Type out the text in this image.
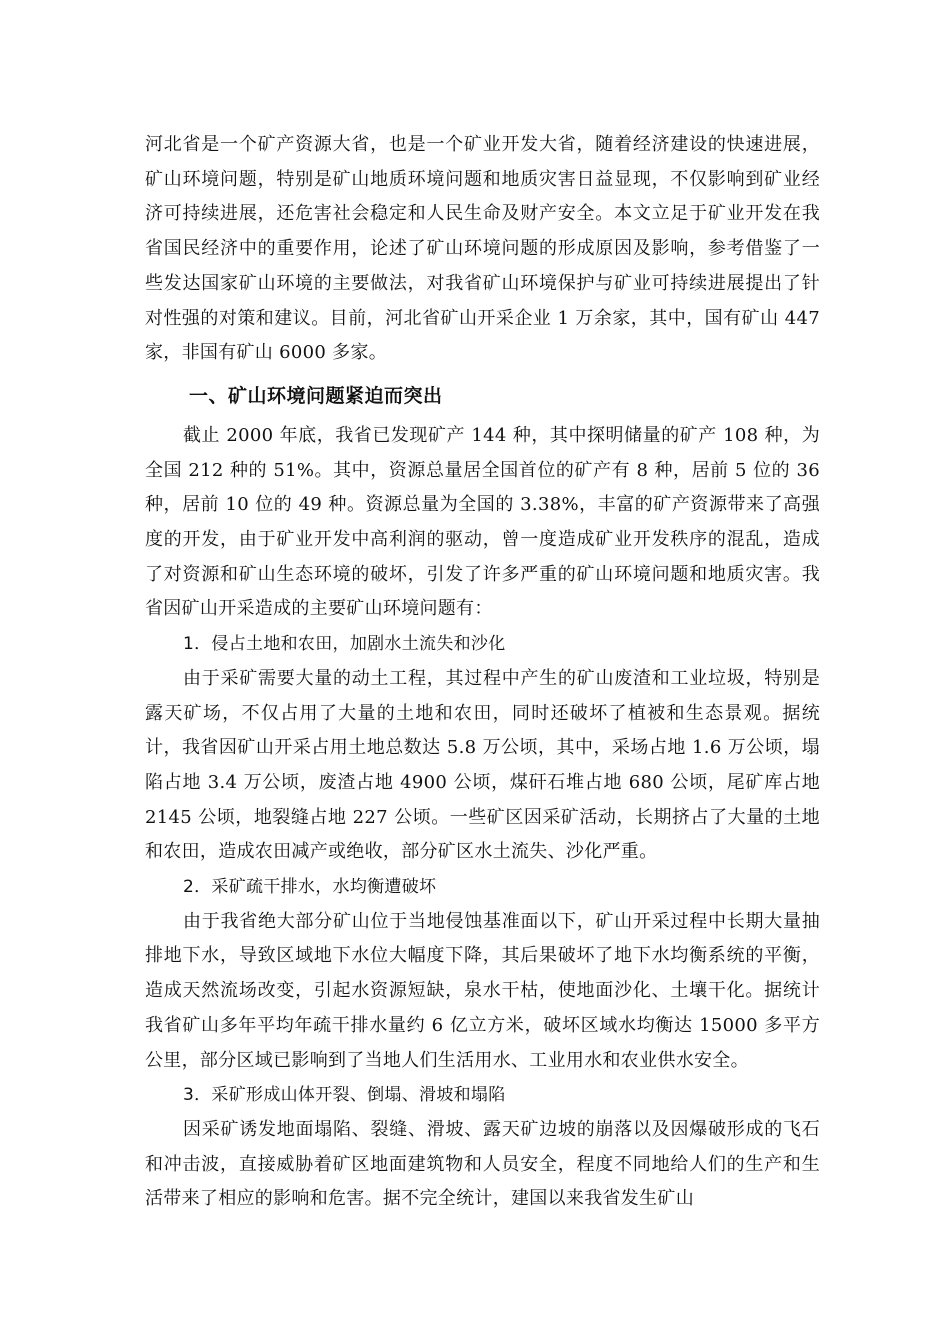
河北省是一个矿产资源大省，也是一个矿业开发大省，随着经济建设的快速进展，矿山环境问题，特别是矿山地质环境问题和地质灾害日益显现，不仅影响到矿业经济可持续进展，还危害社会稳定和人民生命及财产安全。本文立足于矿业开发在我省国民经济中的重要作用，论述了矿山环境问题的形成原因及影响，参考借鉴了一些发达国家矿山环境的主要做法，对我省矿山环境保护与矿业可持续进展提出了针对性强的对策和建议。目前，河北省矿山开采企业 1 万余家，其中，国有矿山 447 家，非国有矿山 6000 多家。

一、矿山环境问题紧迫而突出

截止 2000 年底，我省已发现矿产 144 种，其中探明储量的矿产 108 种，为全国 212 种的 51%。其中，资源总量居全国首位的矿产有 8 种，居前 5 位的 36 种，居前 10 位的 49 种。资源总量为全国的 3.38%，丰富的矿产资源带来了高强度的开发，由于矿业开发中高利润的驱动，曾一度造成矿业开发秩序的混乱，造成了对资源和矿山生态环境的破坏，引发了许多严重的矿山环境问题和地质灾害。我省因矿山开采造成的主要矿山环境问题有：

1．侵占土地和农田，加剧水土流失和沙化

由于采矿需要大量的动土工程，其过程中产生的矿山废渣和工业垃圾，特别是露天矿场，不仅占用了大量的土地和农田，同时还破坏了植被和生态景观。据统计，我省因矿山开采占用土地总数达 5.8 万公顷，其中，采场占地 1.6 万公顷，塌陷占地 3.4 万公顷，废渣占地 4900 公顷，煤矸石堆占地 680 公顷，尾矿库占地 2145 公顷，地裂缝占地 227 公顷。一些矿区因采矿活动，长期挤占了大量的土地和农田，造成农田减产或绝收，部分矿区水土流失、沙化严重。

2．采矿疏干排水，水均衡遭破坏

由于我省绝大部分矿山位于当地侵蚀基准面以下，矿山开采过程中长期大量抽排地下水，导致区域地下水位大幅度下降，其后果破坏了地下水均衡系统的平衡，造成天然流场改变，引起水资源短缺，泉水干枯，使地面沙化、土壤干化。据统计我省矿山多年平均年疏干排水量约 6 亿立方米，破坏区域水均衡达 15000 多平方公里，部分区域已影响到了当地人们生活用水、工业用水和农业供水安全。

3．采矿形成山体开裂、倒塌、滑坡和塌陷

因采矿诱发地面塌陷、裂缝、滑坡、露天矿边坡的崩落以及因爆破形成的飞石和冲击波，直接威胁着矿区地面建筑物和人员安全，程度不同地给人们的生产和生活带来了相应的影响和危害。据不完全统计，建国以来我省发生矿山
